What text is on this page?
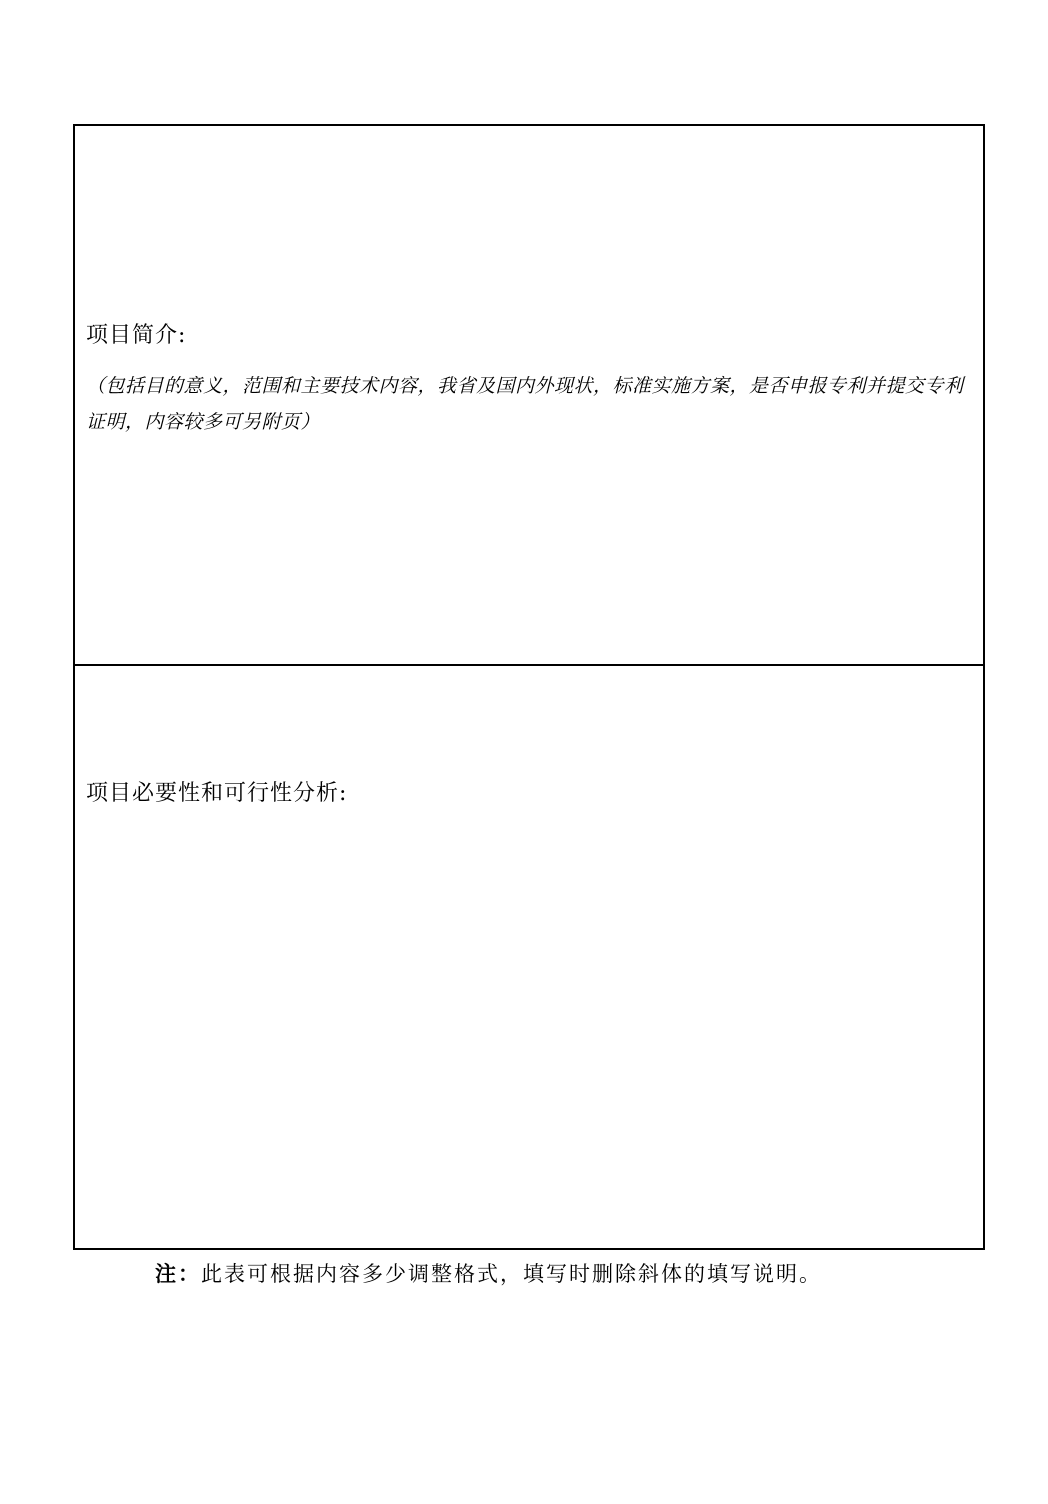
项目简介:
（包括目的意义，范围和主要技术内容，我省及国内外现状，标准实施方案，是否申报专利并提交专利证明，内容较多可另附页）
项目必要性和可行性分析:
注：此表可根据内容多少调整格式，填写时删除斜体的填写说明。
